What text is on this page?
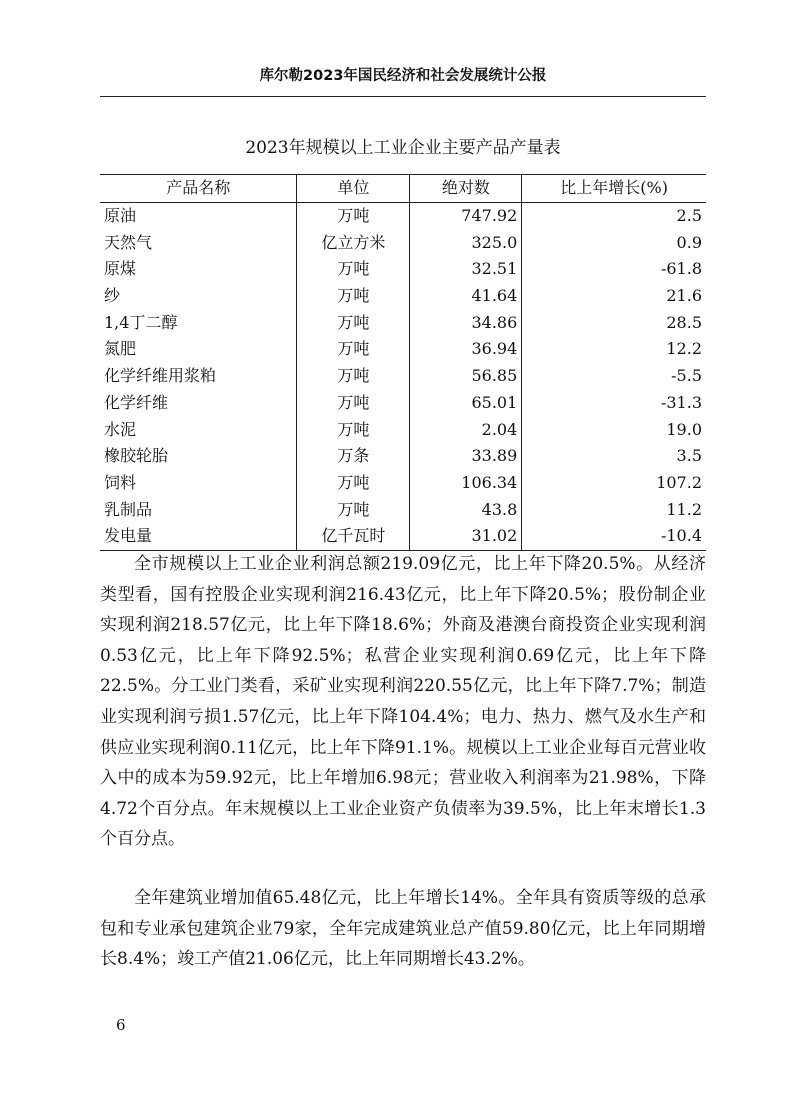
库尔勒2023年国民经济和社会发展统计公报
2023年规模以上工业企业主要产品产量表
产品名称	单位	绝对数	比上年增长(%)
原油	万吨	747.92	2.5
天然气	亿立方米	325.0	0.9
原煤	万吨	32.51	-61.8
纱	万吨	41.64	21.6
1,4丁二醇	万吨	34.86	28.5
氮肥	万吨	36.94	12.2
化学纤维用浆粕	万吨	56.85	-5.5
化学纤维	万吨	65.01	-31.3
水泥	万吨	2.04	19.0
橡胶轮胎	万条	33.89	3.5
饲料	万吨	106.34	107.2
乳制品	万吨	43.8	11.2
发电量	亿千瓦时	31.02	-10.4

全市规模以上工业企业利润总额219.09亿元，比上年下降20.5%。从经济类型看，国有控股企业实现利润216.43亿元，比上年下降20.5%；股份制企业实现利润218.57亿元，比上年下降18.6%；外商及港澳台商投资企业实现利润0.53亿元，比上年下降92.5%；私营企业实现利润0.69亿元，比上年下降22.5%。分工业门类看，采矿业实现利润220.55亿元，比上年下降7.7%；制造业实现利润亏损1.57亿元，比上年下降104.4%；电力、热力、燃气及水生产和供应业实现利润0.11亿元，比上年下降91.1%。规模以上工业企业每百元营业收入中的成本为59.92元，比上年增加6.98元；营业收入利润率为21.98%，下降4.72个百分点。年末规模以上工业企业资产负债率为39.5%，比上年末增长1.3个百分点。

全年建筑业增加值65.48亿元，比上年增长14%。全年具有资质等级的总承包和专业承包建筑企业79家，全年完成建筑业总产值59.80亿元，比上年同期增长8.4%；竣工产值21.06亿元，比上年同期增长43.2%。

6
